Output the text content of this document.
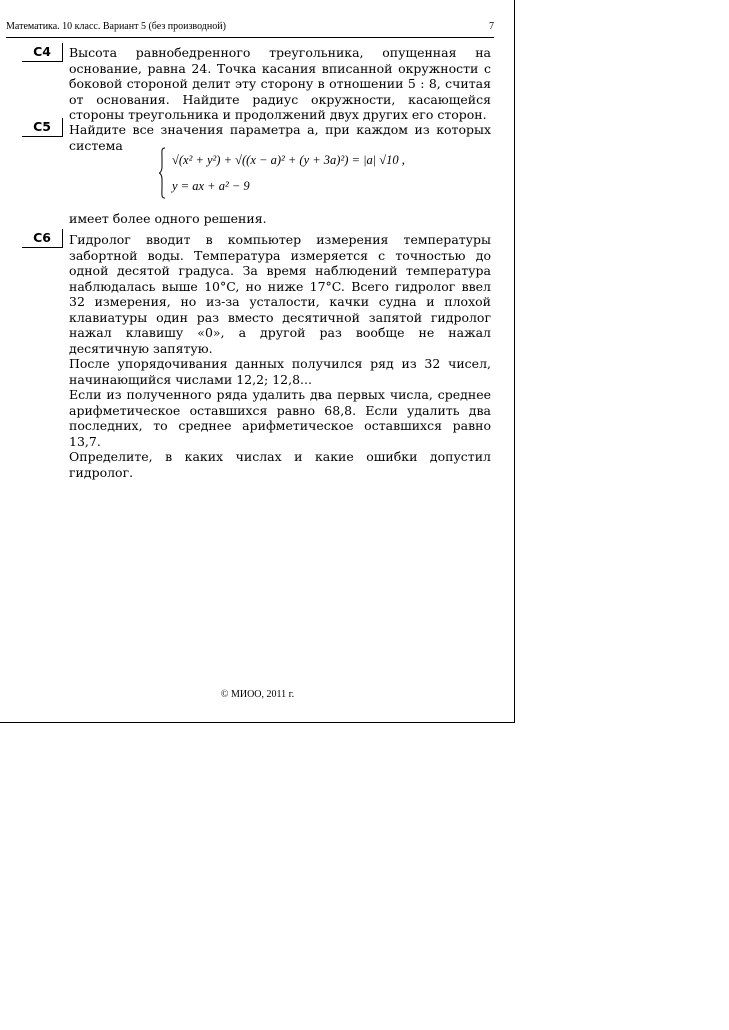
Математика. 10 класс. Вариант 5 (без производной)	7
C4	Высота равнобедренного треугольника, опущенная на основание, равна 24. Точка касания вписанной окружности с боковой стороной делит эту сторону в отношении 5 : 8, считая от основания. Найдите радиус окружности, касающейся стороны треугольника и продолжений двух других его сторон.

C5	Найдите все значения параметра a, при каждом из которых система

√(x² + y²) + √((x − a)² + (y + 3a)²) = |a| √10 ,
y = ax + a² − 9

имеет более одного решения.

C6	Гидролог вводит в компьютер измерения температуры забортной воды. Температура измеряется с точностью до одной десятой градуса. За время наблюдений температура наблюдалась выше 10°C, но ниже 17°C. Всего гидролог ввел 32 измерения, но из-за усталости, качки судна и плохой клавиатуры один раз вместо десятичной запятой гидролог нажал клавишу «0», а другой раз вообще не нажал десятичную запятую.

После упорядочивания данных получился ряд из 32 чисел, начинающийся числами 12,2; 12,8...

Если из полученного ряда удалить два первых числа, среднее арифметическое оставшихся равно 68,8. Если удалить два последних, то среднее арифметическое оставшихся равно 13,7.

Определите, в каких числах и какие ошибки допустил гидролог.

© МИОО, 2011 г.
